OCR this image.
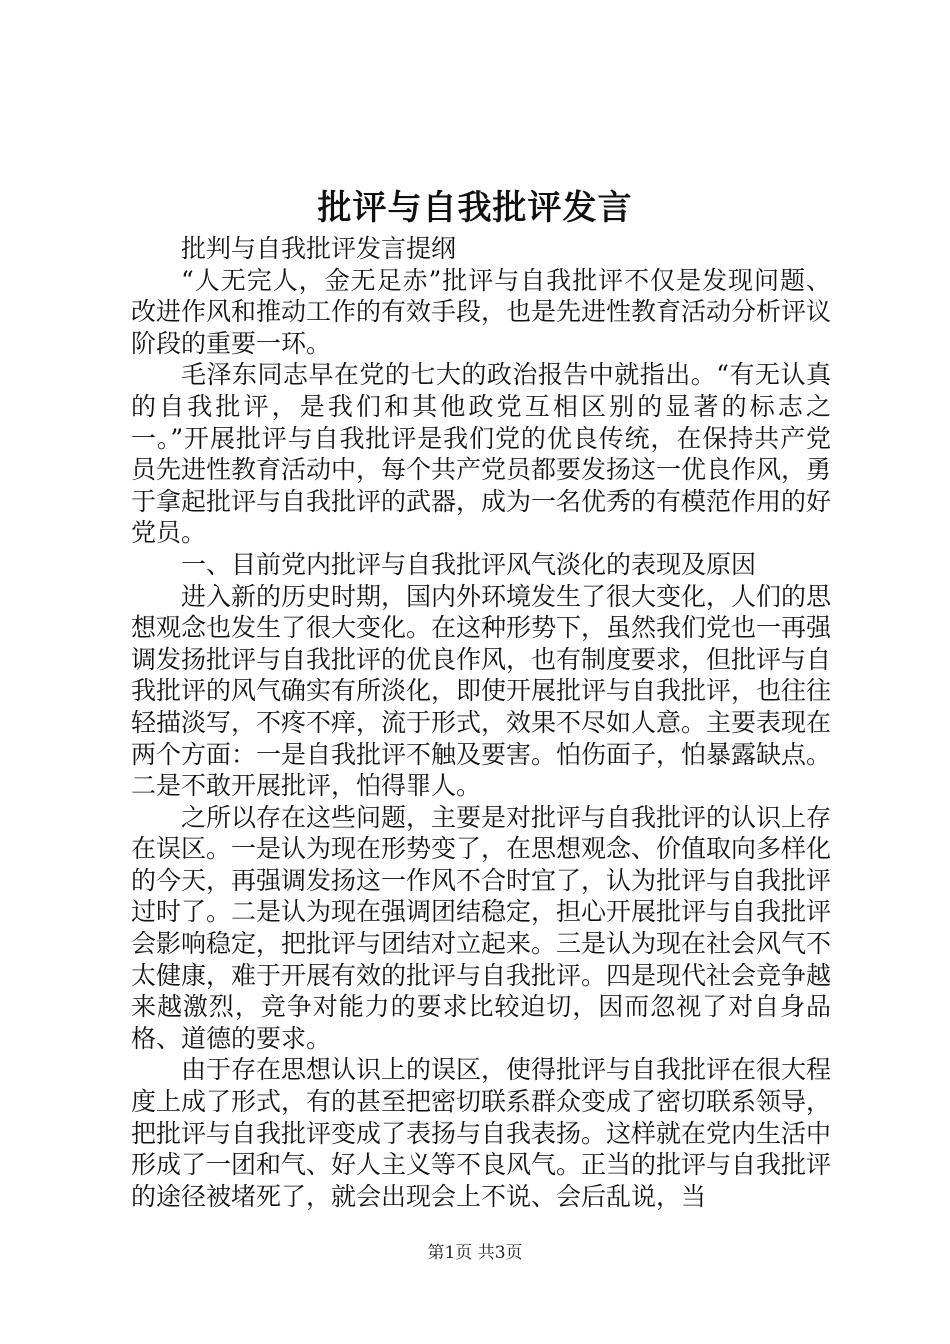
批评与自我批评发言

批判与自我批评发言提纲

“人无完人，金无足赤”批评与自我批评不仅是发现问题、改进作风和推动工作的有效手段，也是先进性教育活动分析评议阶段的重要一环。

毛泽东同志早在党的七大的政治报告中就指出。“有无认真的自我批评，是我们和其他政党互相区别的显著的标志之一。”开展批评与自我批评是我们党的优良传统，在保持共产党员先进性教育活动中，每个共产党员都要发扬这一优良作风，勇于拿起批评与自我批评的武器，成为一名优秀的有模范作用的好党员。

一、目前党内批评与自我批评风气淡化的表现及原因

进入新的历史时期，国内外环境发生了很大变化，人们的思想观念也发生了很大变化。在这种形势下，虽然我们党也一再强调发扬批评与自我批评的优良作风，也有制度要求，但批评与自我批评的风气确实有所淡化，即使开展批评与自我批评，也往往轻描淡写，不疼不痒，流于形式，效果不尽如人意。主要表现在两个方面：一是自我批评不触及要害。怕伤面子，怕暴露缺点。二是不敢开展批评，怕得罪人。

之所以存在这些问题，主要是对批评与自我批评的认识上存在误区。一是认为现在形势变了，在思想观念、价值取向多样化的今天，再强调发扬这一作风不合时宜了，认为批评与自我批评过时了。二是认为现在强调团结稳定，担心开展批评与自我批评会影响稳定，把批评与团结对立起来。三是认为现在社会风气不太健康，难于开展有效的批评与自我批评。四是现代社会竞争越来越激烈，竞争对能力的要求比较迫切，因而忽视了对自身品格、道德的要求。

由于存在思想认识上的误区，使得批评与自我批评在很大程度上成了形式，有的甚至把密切联系群众变成了密切联系领导，把批评与自我批评变成了表扬与自我表扬。这样就在党内生活中形成了一团和气、好人主义等不良风气。正当的批评与自我批评的途径被堵死了，就会出现会上不说、会后乱说，当

第1页 共3页
